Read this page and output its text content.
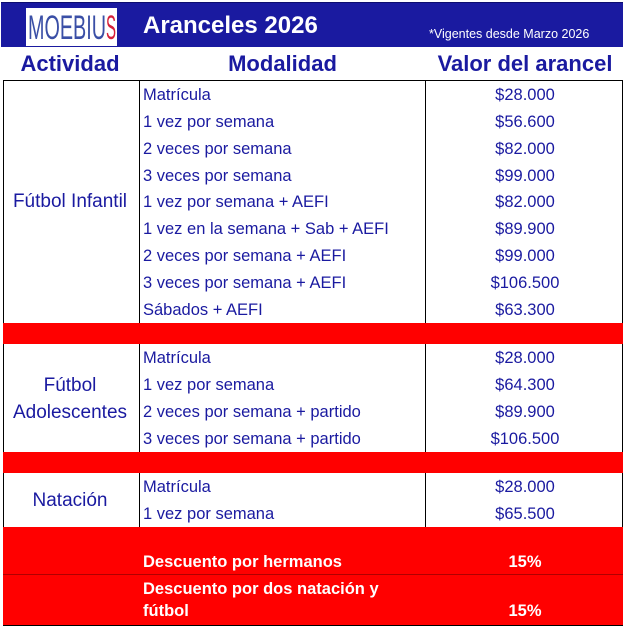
MOEBIU S Aranceles 2026	*Vigentes desde Marzo 2026
Actividad	Modalidad	Valor del arancel
Fútbol Infantil
Matrícula	$28.000
1 vez por semana	$56.600
2 veces por semana	$82.000
3 veces por semana	$99.000
1 vez por semana + AEFI	$82.000
1 vez en la semana + Sab + AEFI	$89.900
2 veces por semana + AEFI	$99.000
3 veces por semana + AEFI	$106.500
Sábados + AEFI	$63.300
Fútbol
Adolescentes
Matrícula	$28.000
1 vez por semana	$64.300
2 veces por semana + partido	$89.900
3 veces por semana + partido	$106.500
Natación
Matrícula	$28.000
1 vez por semana	$65.500
Descuento por hermanos	15%
Descuento por dos natación y
fútbol	15%
